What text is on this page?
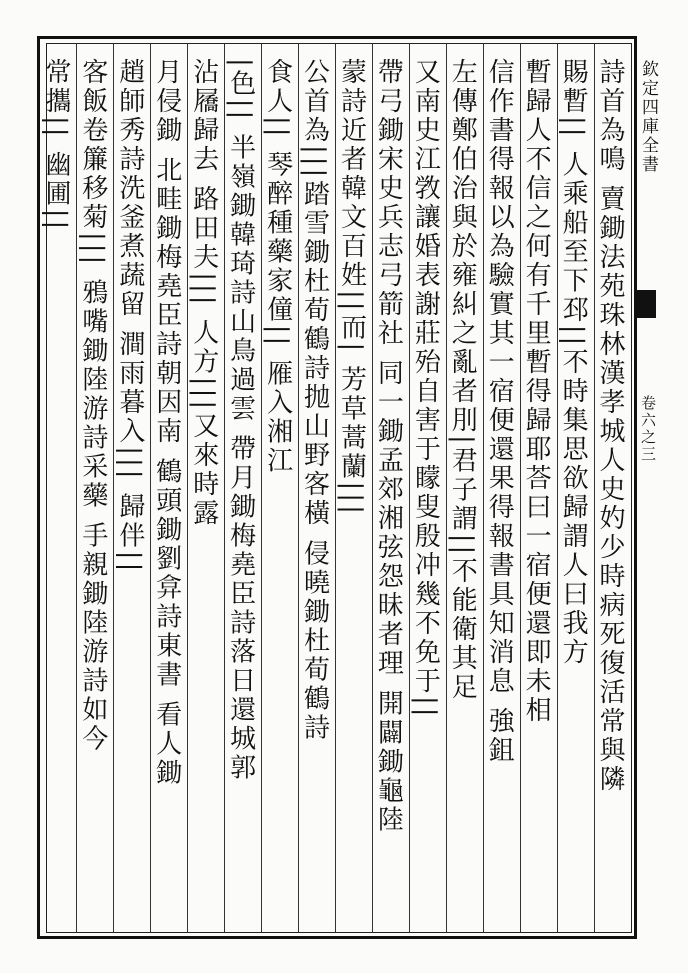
欽定四庫全書
卷六之三
詩首為鳴 賣鋤法苑珠林漢孝城人史妁少時病死復活常與隣
賜暫|| 人乘船至下邳||不時集思欲歸謂人曰我方
暫歸人不信之何有千里暫得歸耶荅曰一宿便還即未相
信作書得報以為驗實其一宿便還果得報書具知消息 強鉏
左傳鄭伯治與於雍糾之亂者刖|君子謂||不能衛其足
又南史江敩讓婚表謝莊殆自害于矇叟殷冲幾不免于||
帶弓鋤宋史兵志弓箭社 同一鋤孟郊湘弦怨昧者理 開闢鋤龜陸
蒙詩近者韓文百姓||而| 芳草蒿蘭|||
公首為|||踏雪鋤杜荀鶴詩抛山野客橫 侵曉鋤杜荀鶴詩
食人|| 琴醉種藥家僮|| 雁入湘江
|色|| 半嶺鋤韓琦詩山鳥過雲 帶月鋤梅堯臣詩落日還城郭
沾屩歸去 路田夫||| 人方|||又來時露
月侵鋤 北畦鋤梅堯臣詩朝因南 鶴頭鋤劉弇詩東書 看人鋤
趙師秀詩洗釜煮蔬留 澗雨暮入||| 歸伴||
客飯卷簾移菊||| 鴉嘴鋤陸游詩采藥 手親鋤陸游詩如今
常攜|| 幽圃||
